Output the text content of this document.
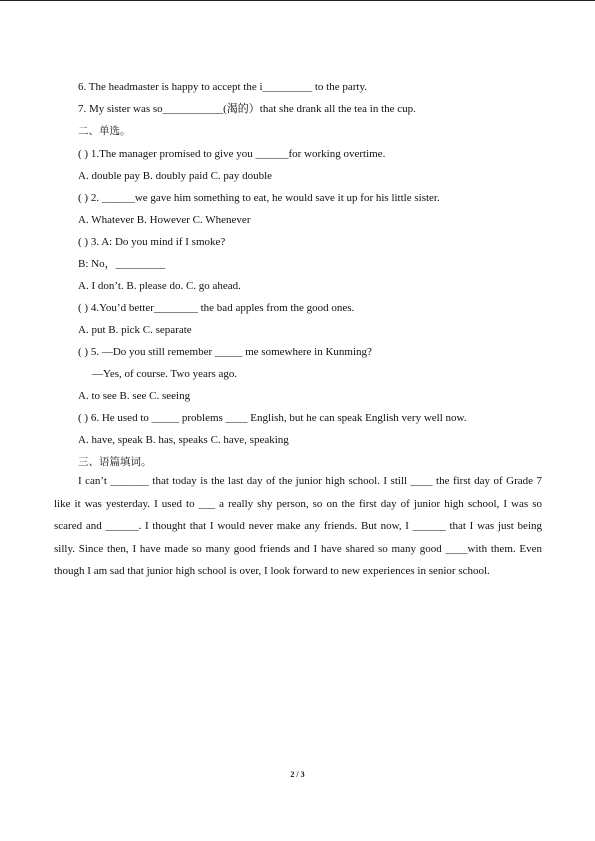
6. The headmaster is happy to accept the i_________ to the party.
7. My sister was so___________(渴的）that she drank all the tea in the cup.
二、单选。
( ) 1.The manager promised to give you ______for working overtime.
A. double pay B. doubly paid C. pay double
( ) 2. ______we gave him something to eat, he would save it up for his little sister.
A. Whatever B. However C. Whenever
( ) 3. A: Do you mind if I smoke?
B: No，_________
A. I don’t. B. please do. C. go ahead.
( ) 4.You’d better________ the bad apples from the good ones.
A. put B. pick C. separate
( ) 5. —Do you still remember _____ me somewhere in Kunming?
—Yes, of course. Two years ago.
A. to see B. see C. seeing
( ) 6. He used to _____ problems ____ English, but he can speak English very well now.
A. have, speak B. has, speaks C. have, speaking
三、语篇填词。
I can’t _______ that today is the last day of the junior high school. I still ____ the first day of Grade 7 like it was yesterday. I used to ___ a really shy person, so on the first day of junior high school, I was so scared and ______. I thought that I would never make any friends. But now, I ______ that I was just being silly. Since then, I have made so many good friends and I have shared so many good ____with them. Even though I am sad that junior high school is over, I look forward to new experiences in senior school.
2 / 3
